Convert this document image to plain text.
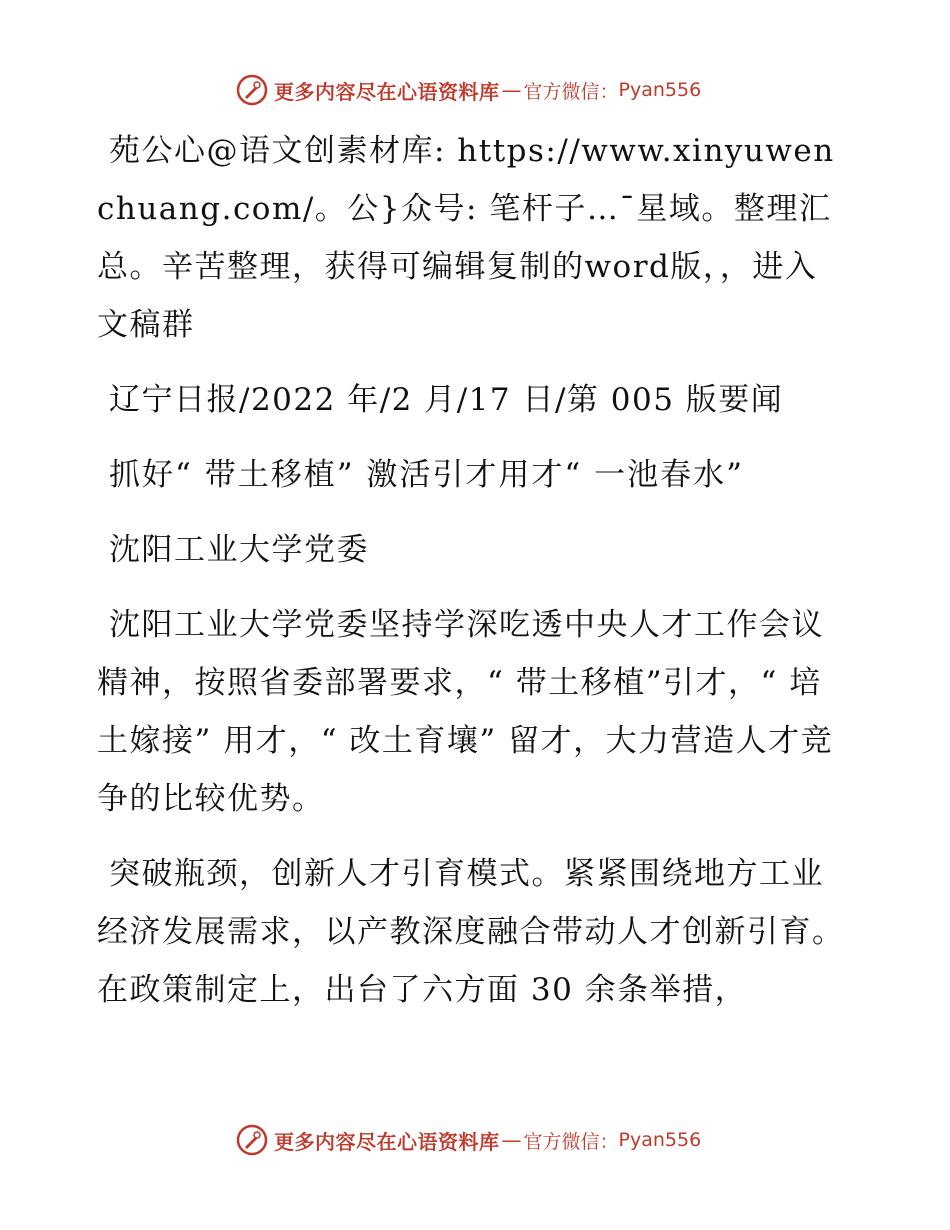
更多内容尽在心语资料库 — 官方微信： Pyan556

苑公心@语文创素材库: https://www.xinyuwenchuang.com/。公}众号: 笔杆子…¯星域。整理汇总。辛苦整理，获得可编辑复制的word版，，进入文稿群

辽宁日报/2022 年/2 月/17 日/第 005 版要闻

抓好“ 带土移植” 激活引才用才“ 一池春水”

沈阳工业大学党委

沈阳工业大学党委坚持学深吃透中央人才工作会议精神，按照省委部署要求，“ 带土移植”引才，“ 培土嫁接” 用才，“ 改土育壤” 留才，大力营造人才竞争的比较优势。

突破瓶颈，创新人才引育模式。紧紧围绕地方工业经济发展需求，以产教深度融合带动人才创新引育。在政策制定上，出台了六方面 30 余条举措，

更多内容尽在心语资料库 — 官方微信： Pyan556
